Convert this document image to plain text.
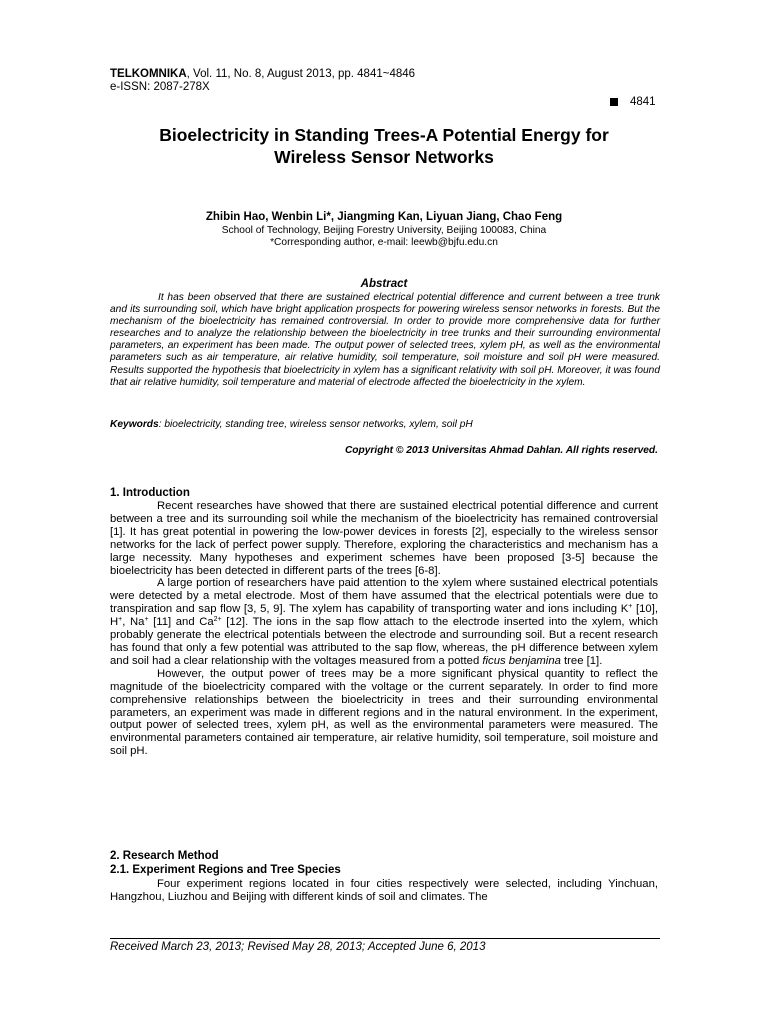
TELKOMNIKA, Vol. 11, No. 8, August 2013, pp. 4841~4846
e-ISSN: 2087-278X
4841
Bioelectricity in Standing Trees-A Potential Energy for
Wireless Sensor Networks
Zhibin Hao, Wenbin Li*, Jiangming Kan, Liyuan Jiang, Chao Feng
School of Technology, Beijing Forestry University, Beijing 100083, China
*Corresponding author, e-mail: leewb@bjfu.edu.cn
Abstract
It has been observed that there are sustained electrical potential difference and current between a tree trunk and its surrounding soil, which have bright application prospects for powering wireless sensor networks in forests. But the mechanism of the bioelectricity has remained controversial. In order to provide more comprehensive data for further researches and to analyze the relationship between the bioelectricity in tree trunks and their surrounding environmental parameters, an experiment has been made. The output power of selected trees, xylem pH, as well as the environmental parameters such as air temperature, air relative humidity, soil temperature, soil moisture and soil pH were measured. Results supported the hypothesis that bioelectricity in xylem has a significant relativity with soil pH. Moreover, it was found that air relative humidity, soil temperature and material of electrode affected the bioelectricity in the xylem.
Keywords: bioelectricity, standing tree, wireless sensor networks, xylem, soil pH
Copyright © 2013 Universitas Ahmad Dahlan. All rights reserved.
1. Introduction

Recent researches have showed that there are sustained electrical potential difference and current between a tree and its surrounding soil while the mechanism of the bioelectricity has remained controversial [1]. It has great potential in powering the low-power devices in forests [2], especially to the wireless sensor networks for the lack of perfect power supply. Therefore, exploring the characteristics and mechanism has a large necessity. Many hypotheses and experiment schemes have been proposed [3-5] because the bioelectricity has been detected in different parts of the trees [6-8].

A large portion of researchers have paid attention to the xylem where sustained electrical potentials were detected by a metal electrode. Most of them have assumed that the electrical potentials were due to transpiration and sap flow [3, 5, 9]. The xylem has capability of transporting water and ions including K+ [10], H+, Na+ [11] and $Ca^{2+}$ [12]. The ions in the sap flow attach to the electrode inserted into the xylem, which probably generate the electrical potentials between the electrode and surrounding soil. But a recent research has found that only a few potential was attributed to the sap flow, whereas, the pH difference between xylem and soil had a clear relationship with the voltages measured from a potted ficus benjamina tree [1].

However, the output power of trees may be a more significant physical quantity to reflect the magnitude of the bioelectricity compared with the voltage or the current separately. In order to find more comprehensive relationships between the bioelectricity in trees and their surrounding environmental parameters, an experiment was made in different regions and in the natural environment. In the experiment, output power of selected trees, xylem pH, as well as the environmental parameters were measured. The environmental parameters contained air temperature, air relative humidity, soil temperature, soil moisture and soil pH.

2. Research Method
2.1. Experiment Regions and Tree Species

Four experiment regions located in four cities respectively were selected, including Yinchuan, Hangzhou, Liuzhou and Beijing with different kinds of soil and climates. The

Received March 23, 2013; Revised May 28, 2013; Accepted June 6, 2013
